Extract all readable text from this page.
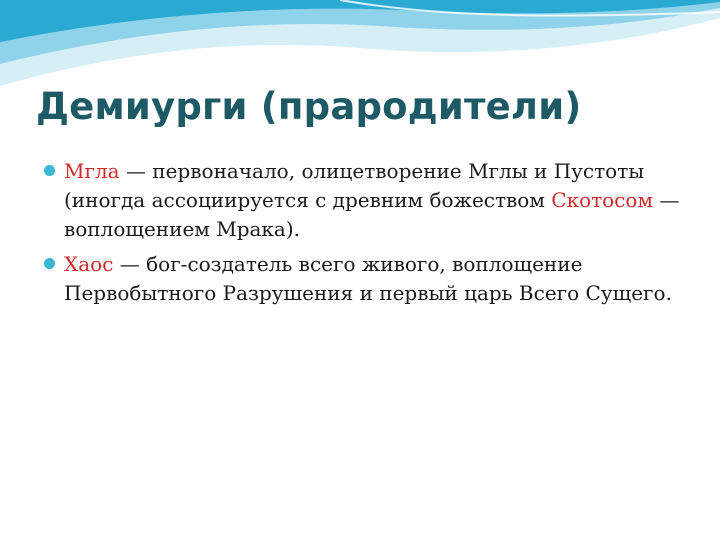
Демиурги (прародители)
Мгла — первоначало, олицетворение Мглы и Пустоты (иногда ассоциируется с древним божеством Скотосом — воплощением Мрака).
Хаос — бог-создатель всего живого, воплощение Первобытного Разрушения и первый царь Всего Сущего.
